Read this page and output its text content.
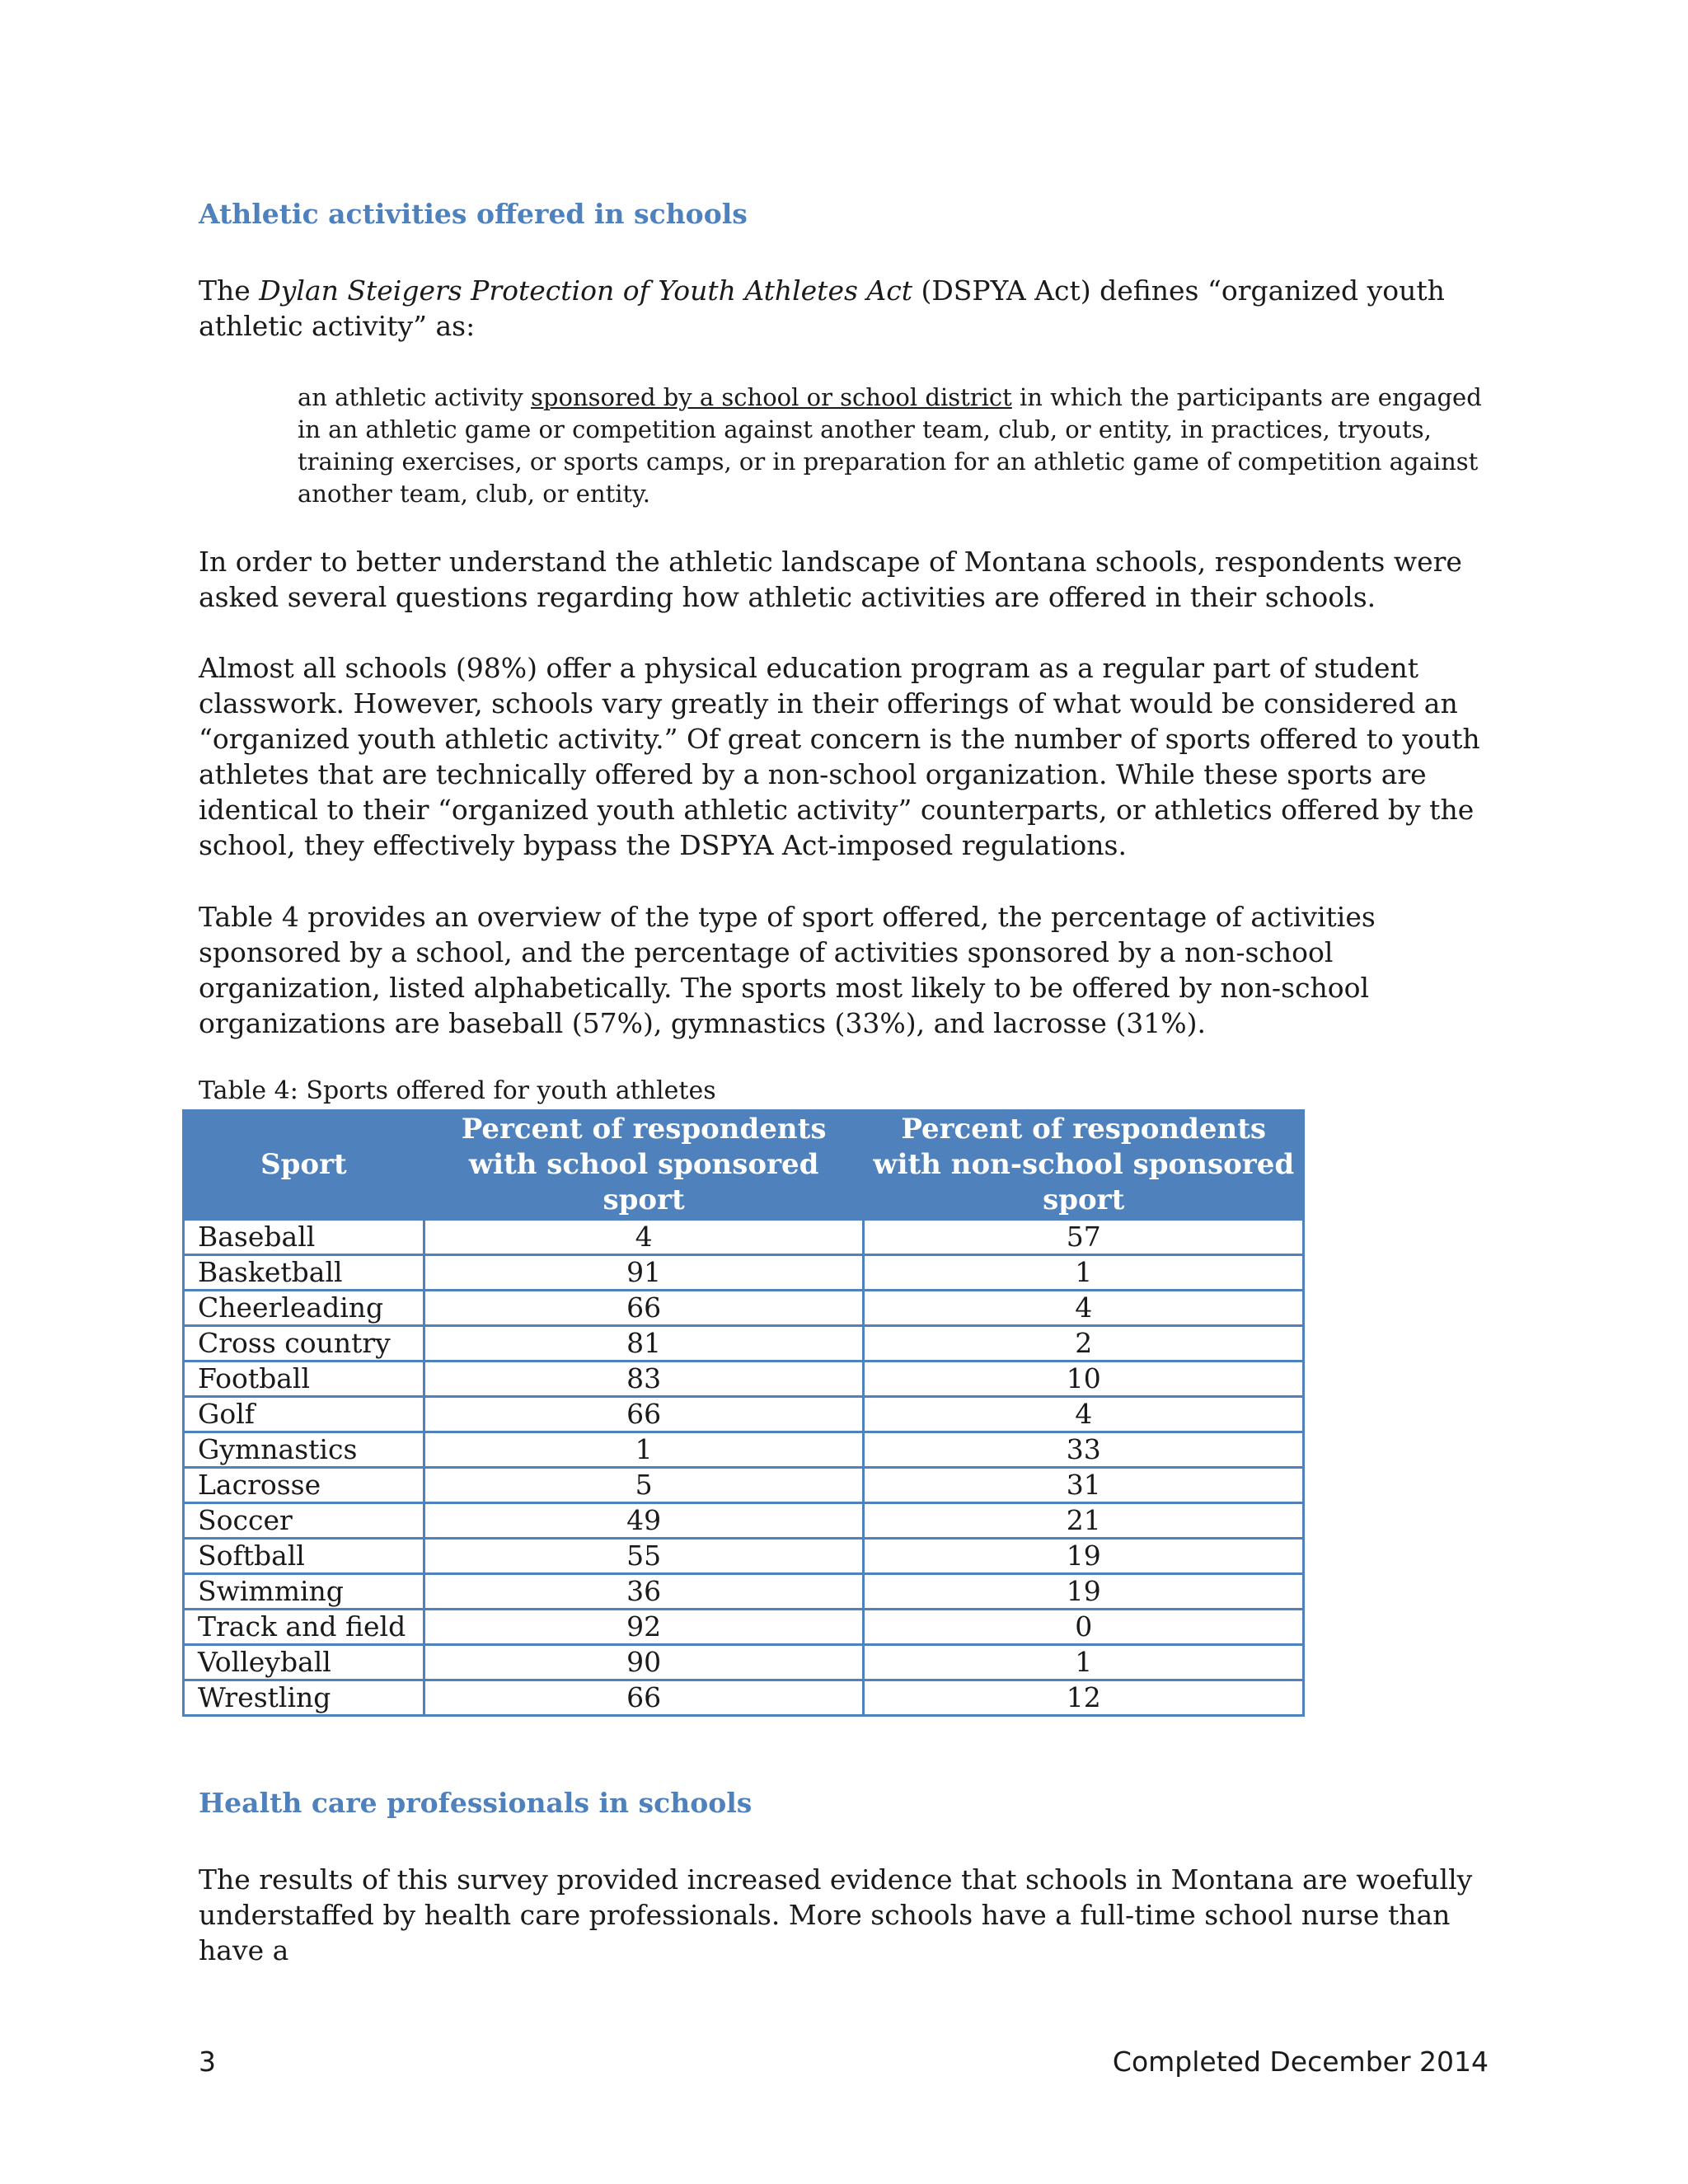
Athletic activities offered in schools

The Dylan Steigers Protection of Youth Athletes Act (DSPYA Act) defines “organized youth athletic activity” as:

an athletic activity sponsored by a school or school district in which the participants are engaged in an athletic game or competition against another team, club, or entity, in practices, tryouts, training exercises, or sports camps, or in preparation for an athletic game of competition against another team, club, or entity.

In order to better understand the athletic landscape of Montana schools, respondents were asked several questions regarding how athletic activities are offered in their schools.

Almost all schools (98%) offer a physical education program as a regular part of student classwork. However, schools vary greatly in their offerings of what would be considered an “organized youth athletic activity.” Of great concern is the number of sports offered to youth athletes that are technically offered by a non-school organization. While these sports are identical to their “organized youth athletic activity” counterparts, or athletics offered by the school, they effectively bypass the DSPYA Act-imposed regulations.

Table 4 provides an overview of the type of sport offered, the percentage of activities sponsored by a school, and the percentage of activities sponsored by a non-school organization, listed alphabetically. The sports most likely to be offered by non-school organizations are baseball (57%), gymnastics (33%), and lacrosse (31%).

Table 4: Sports offered for youth athletes

Sport	Percent of respondents with school sponsored sport	Percent of respondents with non-school sponsored sport
Baseball	4	57
Basketball	91	1
Cheerleading	66	4
Cross country	81	2
Football	83	10
Golf	66	4
Gymnastics	1	33
Lacrosse	5	31
Soccer	49	21
Softball	55	19
Swimming	36	19
Track and field	92	0
Volleyball	90	1
Wrestling	66	12
Health care professionals in schools

The results of this survey provided increased evidence that schools in Montana are woefully understaffed by health care professionals. More schools have a full-time school nurse than have a

3	Completed December 2014
